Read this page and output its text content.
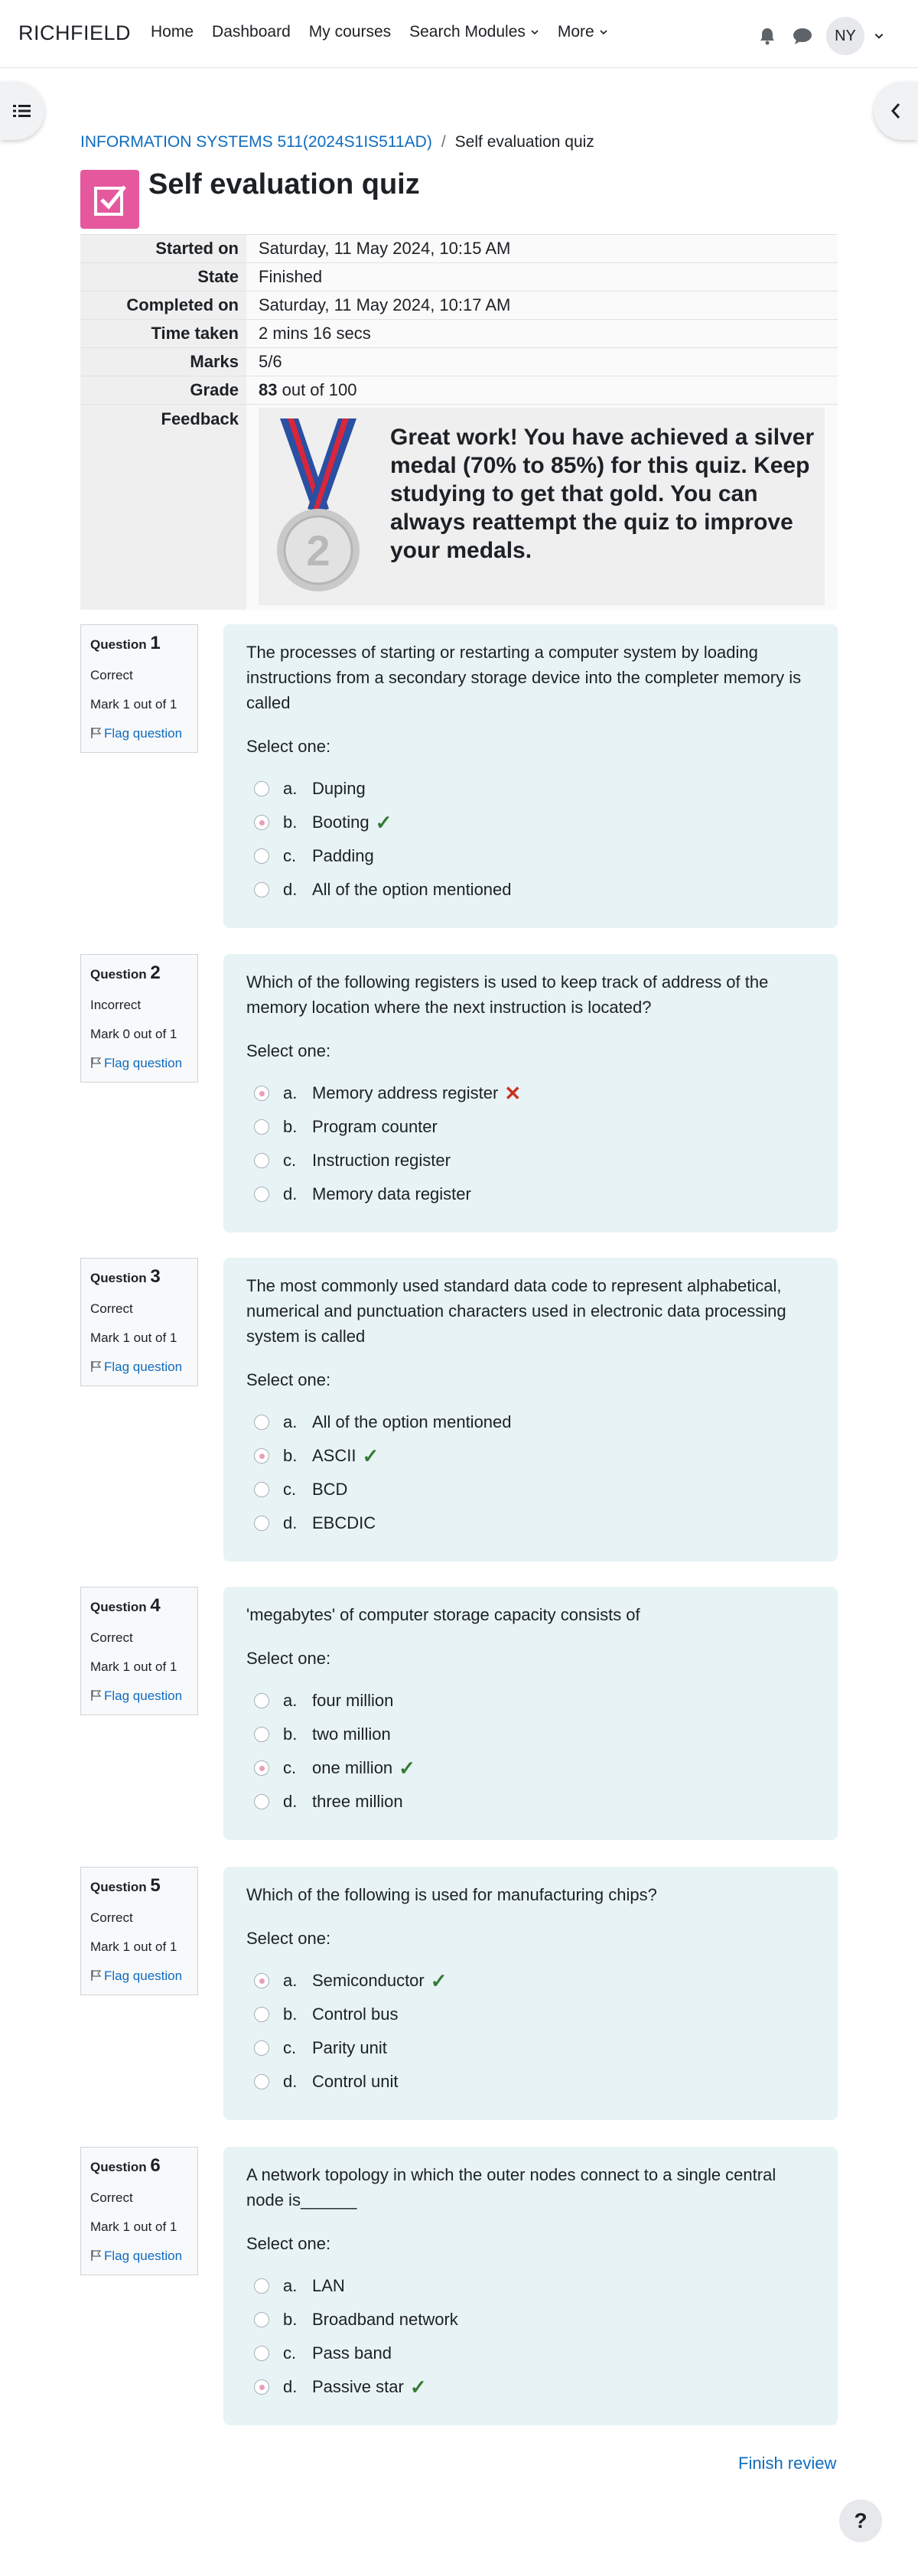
RICHFIELD Home Dashboard My courses Search Modules More	NY
INFORMATION SYSTEMS 511(2024S1IS511AD) / Self evaluation quiz
Self evaluation quiz
Started on	Saturday, 11 May 2024, 10:15 AM
State	Finished
Completed on	Saturday, 11 May 2024, 10:17 AM
Time taken	2 mins 16 secs
Marks	5/6
Grade	83 out of 100
Feedback	2
Great work! You have achieved a silver medal (70% to 85%) for this quiz. Keep studying to get that gold. You can always reattempt the quiz to improve your medals.
Question 1
Correct
Mark 1 out of 1
Flag question

The processes of starting or restarting a computer system by loading instructions from a secondary storage device into the completer memory is called

Select one:
a. Duping
b. Booting ✓
c. Padding
d. All of the option mentioned
Question 2
Incorrect
Mark 0 out of 1
Flag question

Which of the following registers is used to keep track of address of the memory location where the next instruction is located?

Select one:
a. Memory address register ✕
b. Program counter
c. Instruction register
d. Memory data register
Question 3
Correct
Mark 1 out of 1
Flag question

The most commonly used standard data code to represent alphabetical, numerical and punctuation characters used in electronic data processing system is called

Select one:
a. All of the option mentioned
b. ASCII ✓
c. BCD
d. EBCDIC
Question 4
Correct
Mark 1 out of 1
Flag question

'megabytes' of computer storage capacity consists of

Select one:
a. four million
b. two million
c. one million ✓
d. three million
Question 5
Correct
Mark 1 out of 1
Flag question

Which of the following is used for manufacturing chips?

Select one:
a. Semiconductor ✓
b. Control bus
c. Parity unit
d. Control unit
Question 6
Correct
Mark 1 out of 1
Flag question

A network topology in which the outer nodes connect to a single central node is______

Select one:
a. LAN
b. Broadband network
c. Pass band
d. Passive star ✓
Finish review
?
